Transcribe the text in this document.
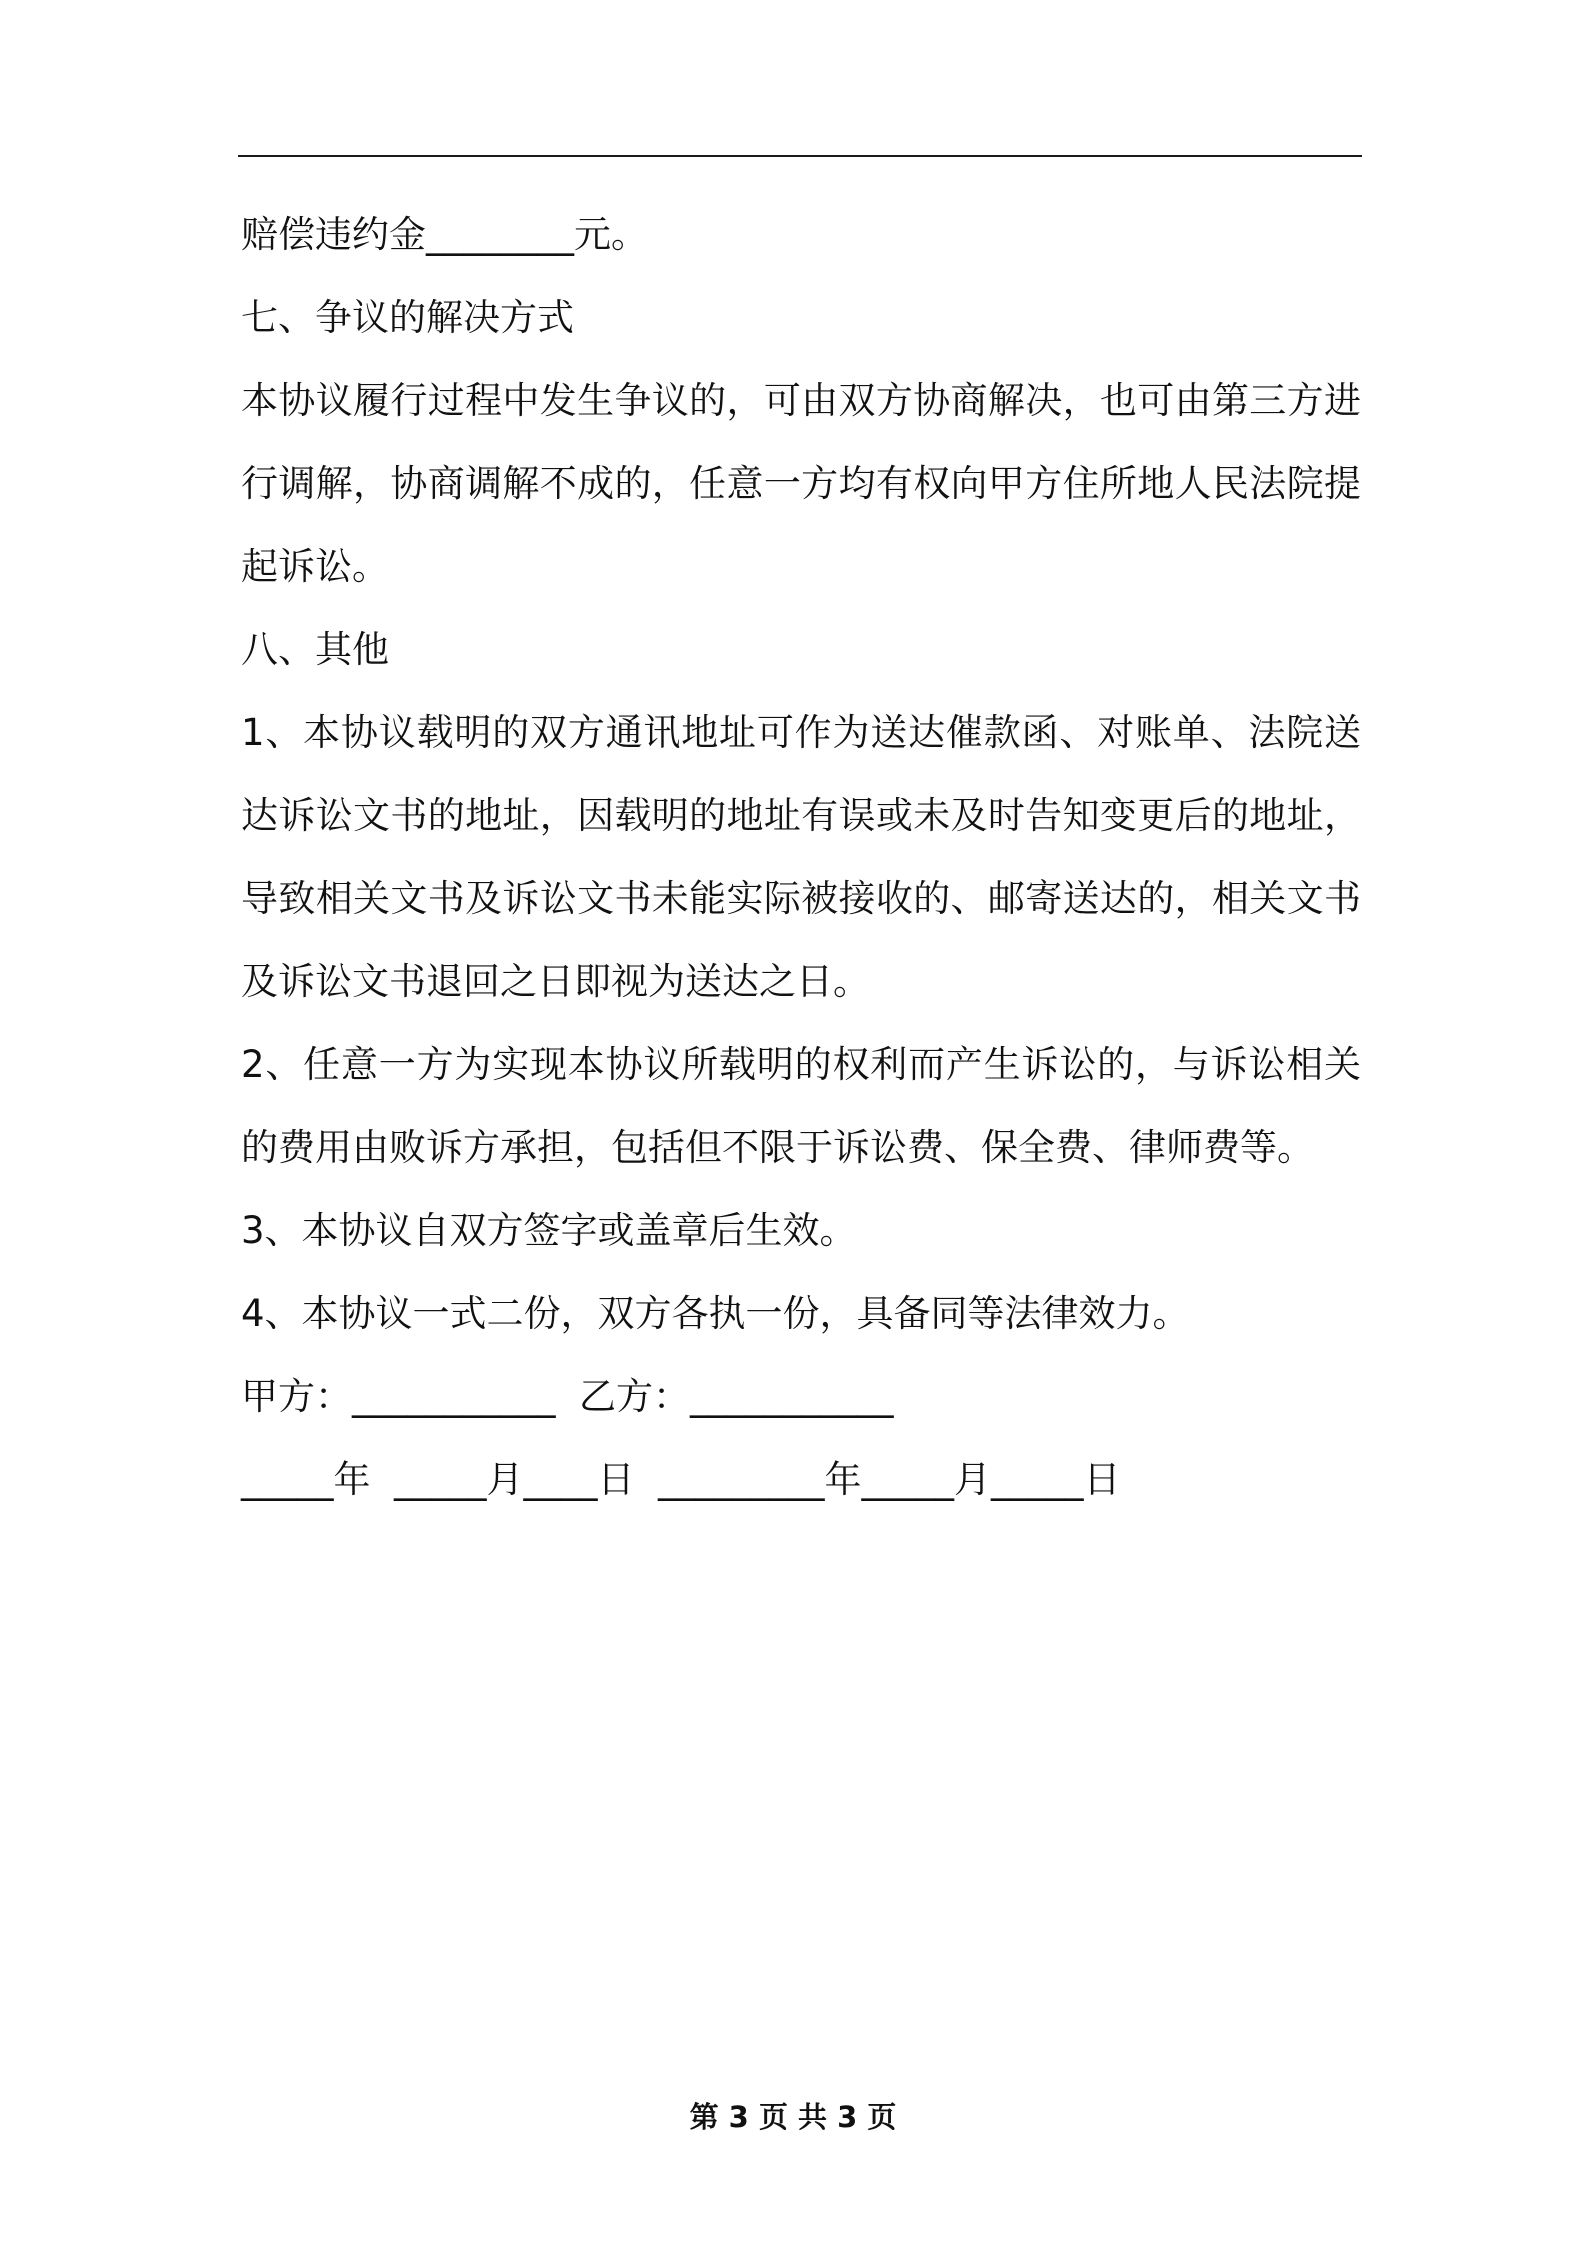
赔偿违约金________元。

七、争议的解决方式

本协议履行过程中发生争议的，可由双方协商解决，也可由第三方进

行调解，协商调解不成的，任意一方均有权向甲方住所地人民法院提

起诉讼。

八、其他

1、本协议载明的双方通讯地址可作为送达催款函、对账单、法院送

达诉讼文书的地址，因载明的地址有误或未及时告知变更后的地址，

导致相关文书及诉讼文书未能实际被接收的、邮寄送达的，相关文书

及诉讼文书退回之日即视为送达之日。

2、任意一方为实现本协议所载明的权利而产生诉讼的，与诉讼相关

的费用由败诉方承担，包括但不限于诉讼费、保全费、律师费等。

3、本协议自双方签字或盖章后生效。

4、本协议一式二份，双方各执一份，具备同等法律效力。

甲方：___________  乙方：___________

_____年  _____月____日  _________年_____月_____日

第 3 页 共 3 页
